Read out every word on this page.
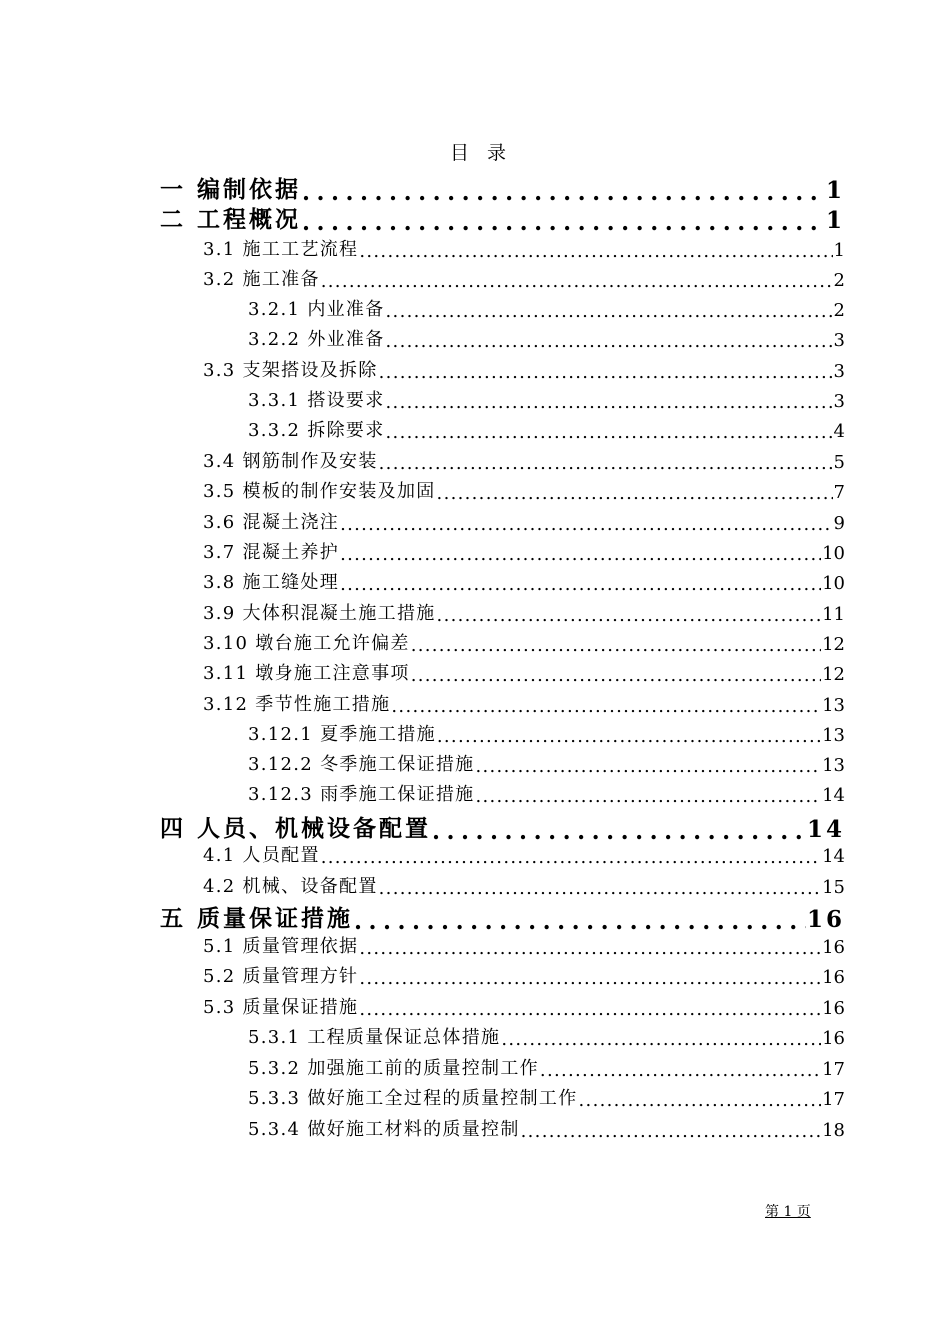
目 录
一 编制依据 .....	1
二 工程概况 .....	1
3.1 施工工艺流程 .....	1
3.2 施工准备 .....	2
3.2.1 内业准备 .....	2
3.2.2 外业准备 .....	3
3.3 支架搭设及拆除 .....	3
3.3.1 搭设要求 .....	3
3.3.2 拆除要求 .....	4
3.4 钢筋制作及安装 .....	5
3.5 模板的制作安装及加固 .....	7
3.6 混凝土浇注 .....	9
3.7 混凝土养护 .....	10
3.8 施工缝处理 .....	10
3.9 大体积混凝土施工措施 .....	11
3.10 墩台施工允许偏差 .....	12
3.11 墩身施工注意事项 .....	12
3.12 季节性施工措施 .....	13
3.12.1 夏季施工措施 .....	13
3.12.2 冬季施工保证措施 .....	13
3.12.3 雨季施工保证措施 .....	14
四 人员、机械设备配置 .....	14
4.1 人员配置 .....	14
4.2 机械、设备配置 .....	15
五 质量保证措施 .....	16
5.1 质量管理依据 .....	16
5.2 质量管理方针 .....	16
5.3 质量保证措施 .....	16
5.3.1 工程质量保证总体措施 .....	16
5.3.2 加强施工前的质量控制工作 .....	17
5.3.3 做好施工全过程的质量控制工作 .....	17
5.3.4 做好施工材料的质量控制 .....	18
第 1 页
